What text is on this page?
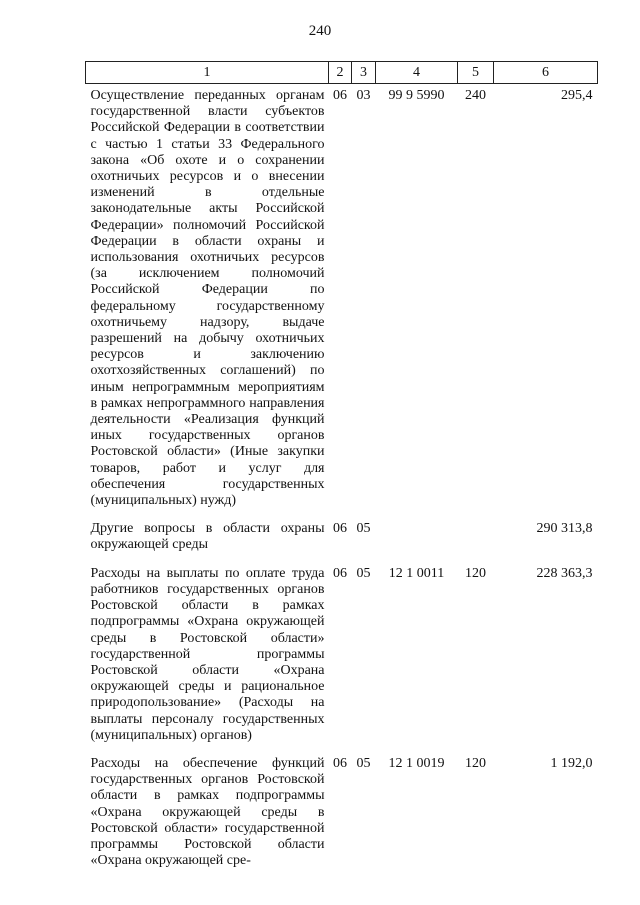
240
1	2	3	4	5	6
Осуществление переданных органам государственной власти субъектов Российской Федерации в соответствии с частью 1 статьи 33 Федерального закона «Об охоте и о сохранении охотничьих ресурсов и о внесении изменений в отдельные законодательные акты Российской Федерации» полномочий Российской Федерации в области охраны и использования охотничьих ресурсов (за исключением полномочий Российской Федерации по федеральному государственному охотничьему надзору, выдаче разрешений на добычу охотничьих ресурсов и заключению охотхозяйственных соглашений) по иным непрограммным мероприятиям в рамках непрограммного направления деятельности «Реализация функций иных государственных органов Ростовской области» (Иные закупки товаров, работ и услуг для обеспечения государственных (муниципальных) нужд)	06	03	99 9 5990	240	295,4
Другие вопросы в области охраны окружающей среды	06	05			290 313,8
Расходы на выплаты по оплате труда работников государственных органов Ростовской области в рамках подпрограммы «Охрана окружающей среды в Ростовской области» государственной программы Ростовской области «Охрана окружающей среды и рациональное природопользование» (Расходы на выплаты персоналу государственных (муниципальных) органов)	06	05	12 1 0011	120	228 363,3
Расходы на обеспечение функций государственных органов Ростовской области в рамках подпрограммы «Охрана окружающей среды в Ростовской области» государственной программы Ростовской области «Охрана окружающей сре-	06	05	12 1 0019	120	1 192,0
